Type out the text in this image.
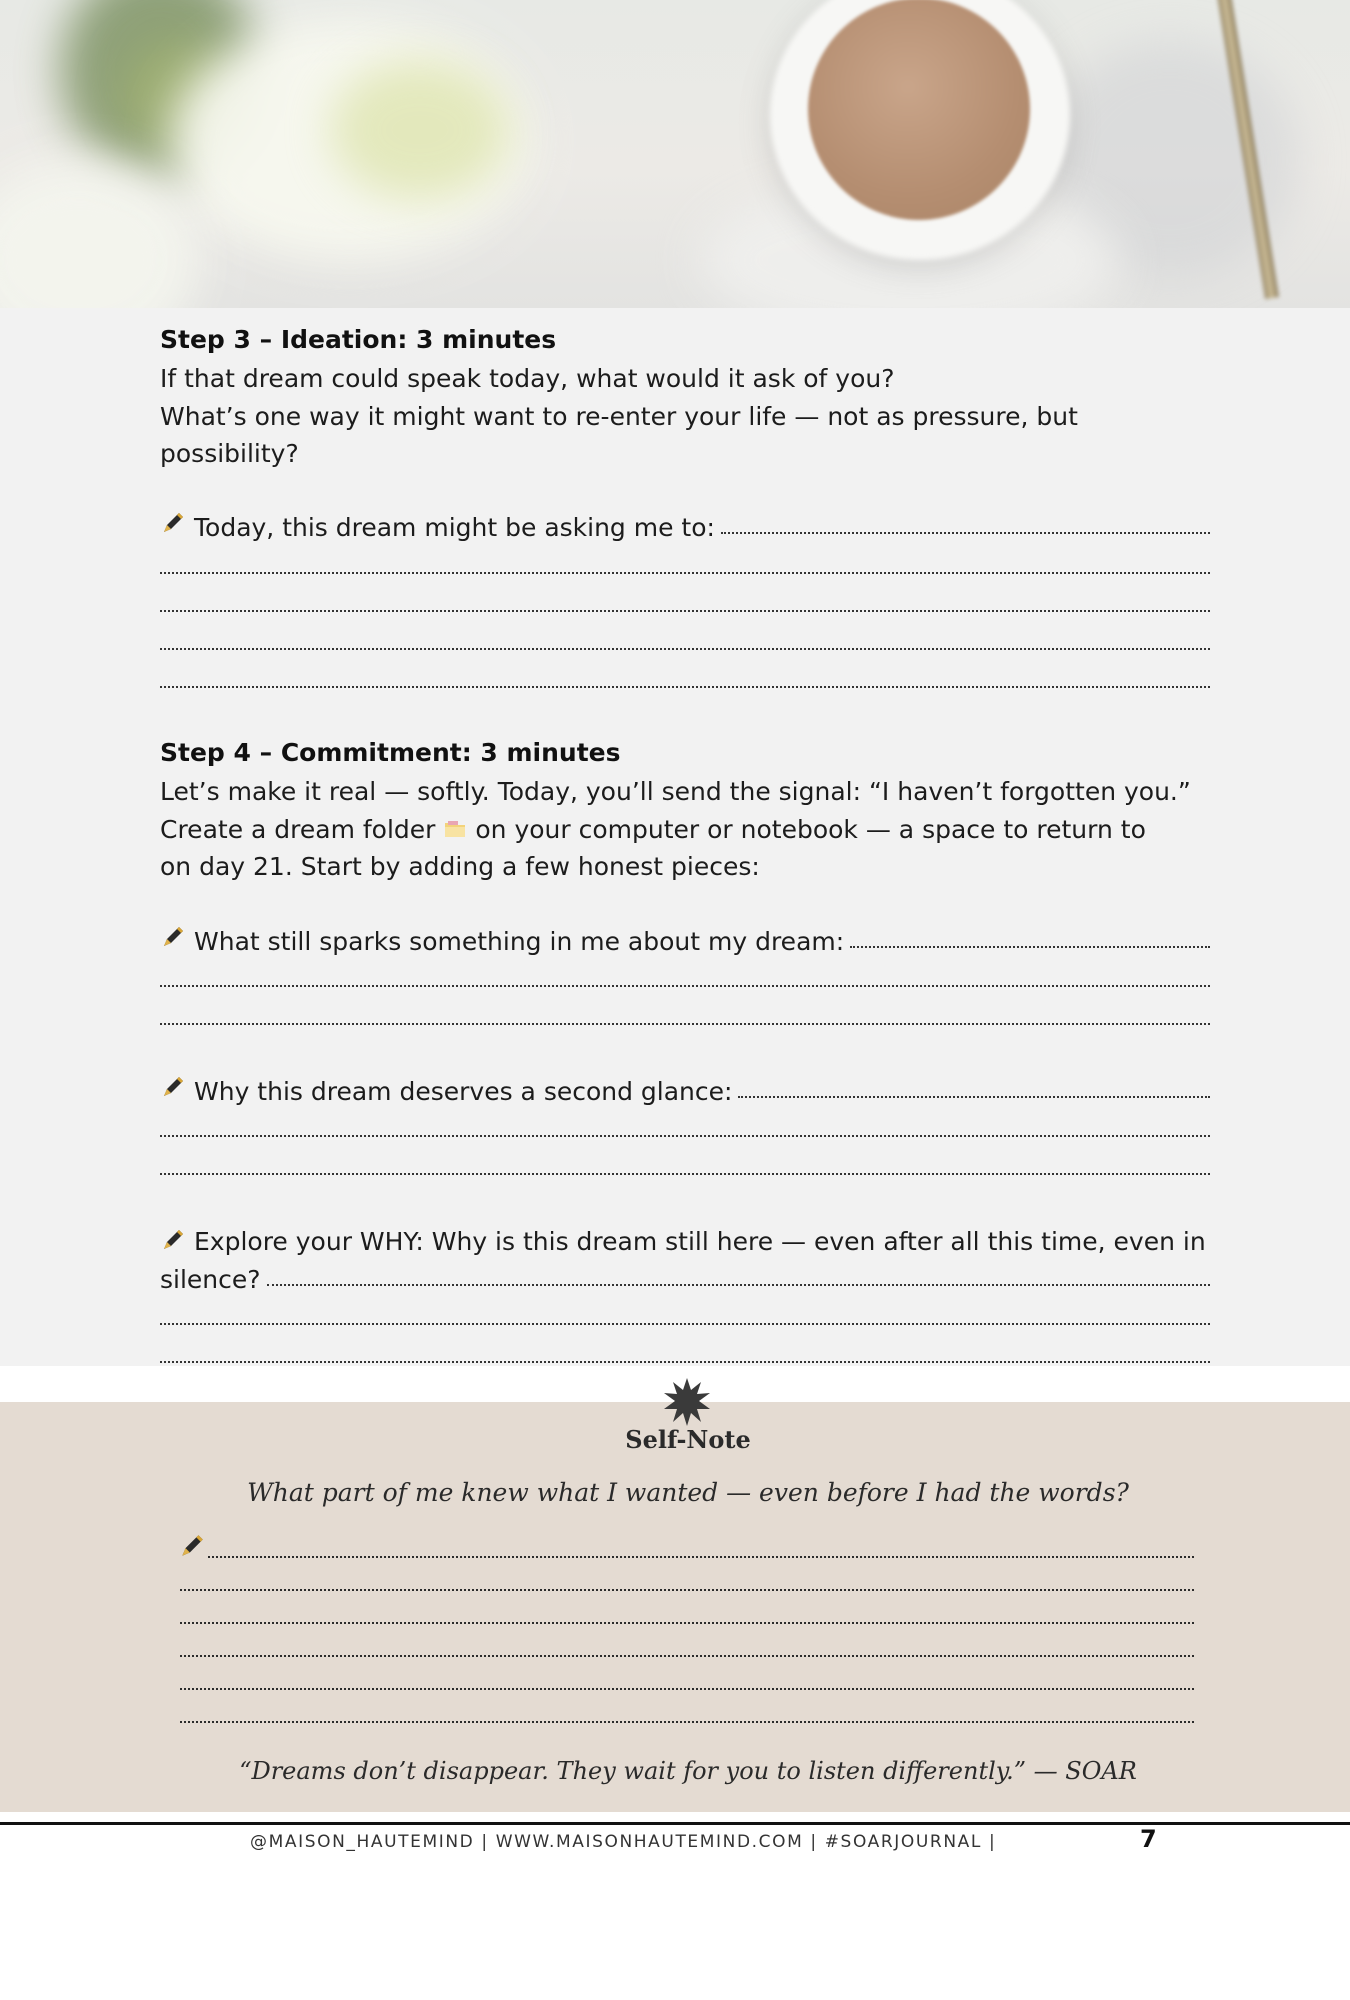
Step 3 – Ideation: 3 minutes
If that dream could speak today, what would it ask of you?
What’s one way it might want to re-enter your life — not as pressure, but
possibility?
Today, this dream might be asking me to:
Step 4 – Commitment: 3 minutes
Let’s make it real — softly. Today, you’ll send the signal: “I haven’t forgotten you.”
Create a dream folder on your computer or notebook — a space to return to
on day 21. Start by adding a few honest pieces:
What still sparks something in me about my dream:
Why this dream deserves a second glance:
Explore your WHY: Why is this dream still here — even after all this time, even in
silence?
Self-Note
What part of me knew what I wanted — even before I had the words?
“Dreams don’t disappear. They wait for you to listen differently.” — SOAR
@MAISON_HAUTEMIND | WWW.MAISONHAUTEMIND.COM | #SOARJOURNAL |	7
